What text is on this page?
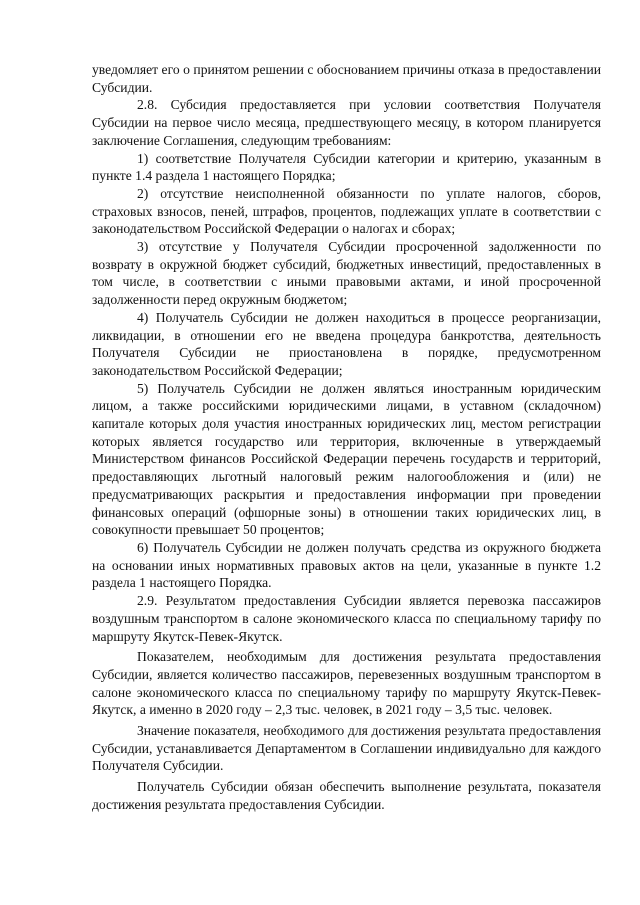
уведомляет его о принятом решении с обоснованием причины отказа в предоставлении Субсидии.

2.8. Субсидия предоставляется при условии соответствия Получателя Субсидии на первое число месяца, предшествующего месяцу, в котором планируется заключение Соглашения, следующим требованиям:

1) соответствие Получателя Субсидии категории и критерию, указанным в пункте 1.4 раздела 1 настоящего Порядка;

2) отсутствие неисполненной обязанности по уплате налогов, сборов, страховых взносов, пеней, штрафов, процентов, подлежащих уплате в соответствии с законодательством Российской Федерации о налогах и сборах;

3) отсутствие у Получателя Субсидии просроченной задолженности по возврату в окружной бюджет субсидий, бюджетных инвестиций, предоставленных в том числе, в соответствии с иными правовыми актами, и иной просроченной задолженности перед окружным бюджетом;

4) Получатель Субсидии не должен находиться в процессе реорганизации, ликвидации, в отношении его не введена процедура банкротства, деятельность Получателя Субсидии не приостановлена в порядке, предусмотренном законодательством Российской Федерации;

5) Получатель Субсидии не должен являться иностранным юридическим лицом, а также российскими юридическими лицами, в уставном (складочном) капитале которых доля участия иностранных юридических лиц, местом регистрации которых является государство или территория, включенные в утверждаемый Министерством финансов Российской Федерации перечень государств и территорий, предоставляющих льготный налоговый режим налогообложения и (или) не предусматривающих раскрытия и предоставления информации при проведении финансовых операций (офшорные зоны) в отношении таких юридических лиц, в совокупности превышает 50 процентов;

6) Получатель Субсидии не должен получать средства из окружного бюджета на основании иных нормативных правовых актов на цели, указанные в пункте 1.2 раздела 1 настоящего Порядка.

2.9. Результатом предоставления Субсидии является перевозка пассажиров воздушным транспортом в салоне экономического класса по специальному тарифу по маршруту Якутск-Певек-Якутск.

Показателем, необходимым для достижения результата предоставления Субсидии, является количество пассажиров, перевезенных воздушным транспортом в салоне экономического класса по специальному тарифу по маршруту Якутск-Певек-Якутск, а именно в 2020 году – 2,3 тыс. человек, в 2021 году – 3,5 тыс. человек.

Значение показателя, необходимого для достижения результата предоставления Субсидии, устанавливается Департаментом в Соглашении индивидуально для каждого Получателя Субсидии.

Получатель Субсидии обязан обеспечить выполнение результата, показателя достижения результата предоставления Субсидии.
